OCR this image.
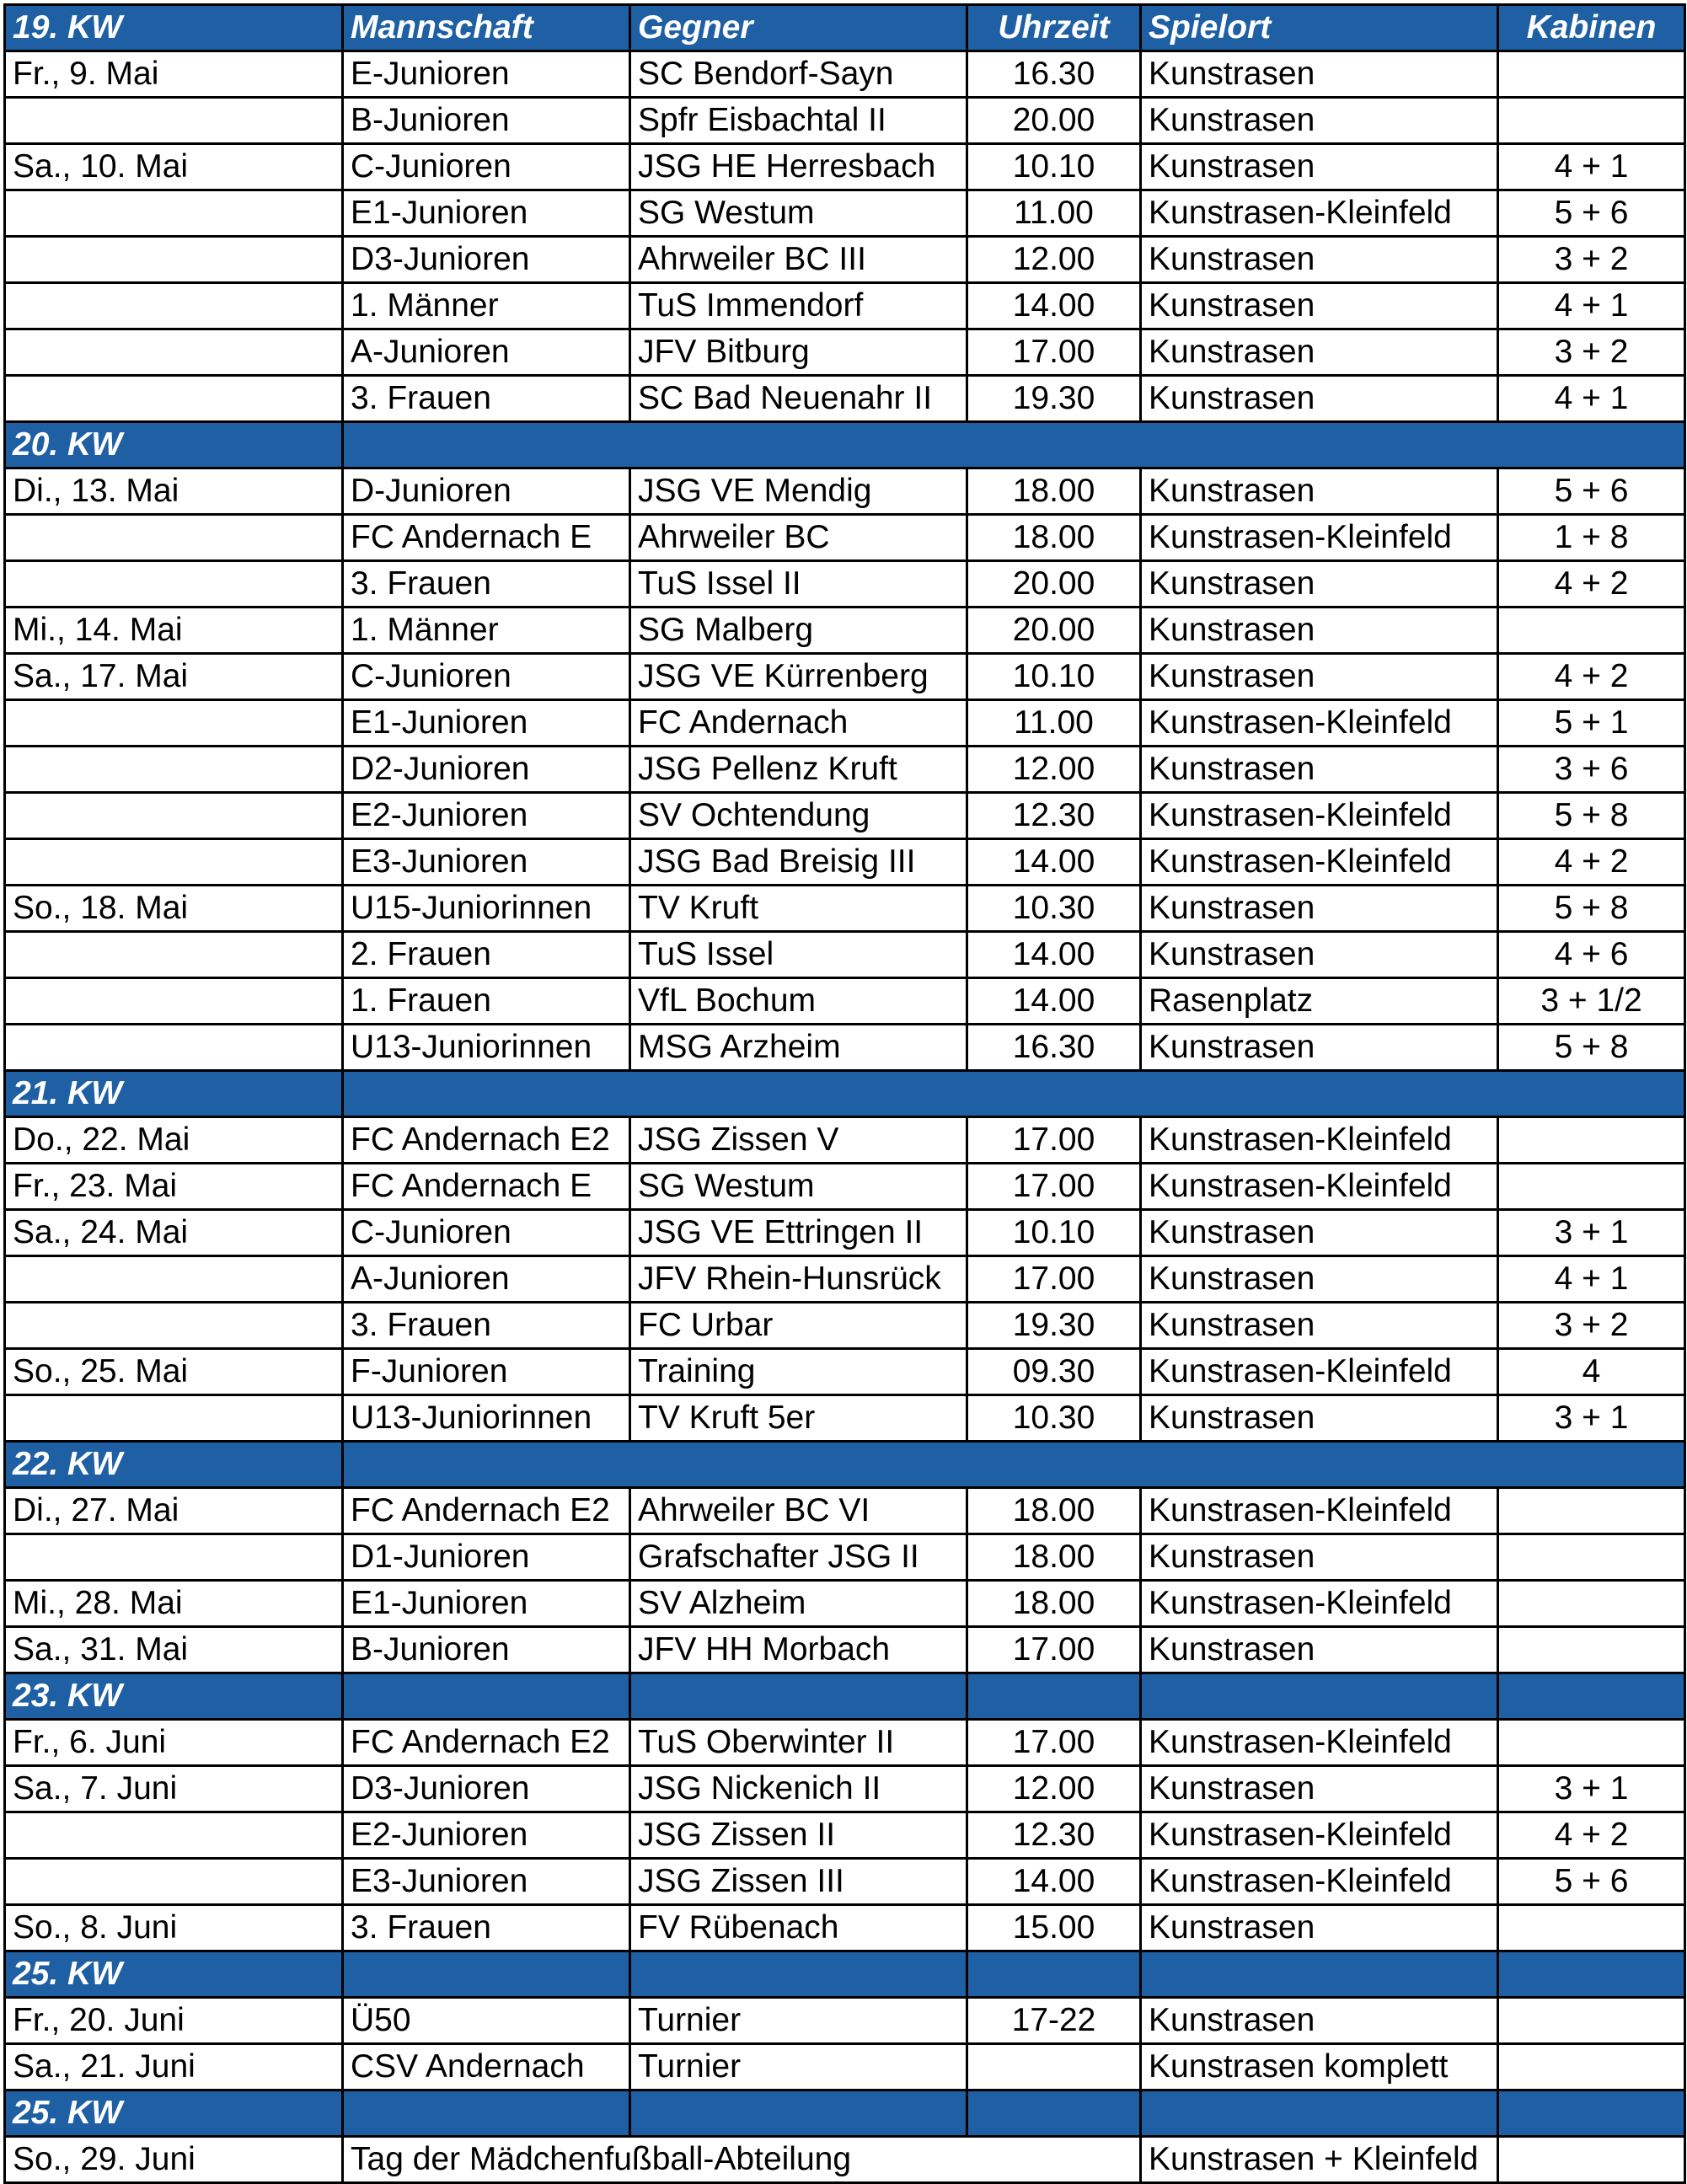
19. KW	Mannschaft	Gegner	Uhrzeit	Spielort	Kabinen
Fr., 9. Mai	E-Junioren	SC Bendorf-Sayn	16.30	Kunstrasen	
	B-Junioren	Spfr Eisbachtal II	20.00	Kunstrasen	
Sa., 10. Mai	C-Junioren	JSG HE Herresbach	10.10	Kunstrasen	4 + 1
	E1-Junioren	SG Westum	11.00	Kunstrasen-Kleinfeld	5 + 6
	D3-Junioren	Ahrweiler BC III	12.00	Kunstrasen	3 + 2
	1. Männer	TuS Immendorf	14.00	Kunstrasen	4 + 1
	A-Junioren	JFV Bitburg	17.00	Kunstrasen	3 + 2
	3. Frauen	SC Bad Neuenahr II	19.30	Kunstrasen	4 + 1
20. KW					
Di., 13. Mai	D-Junioren	JSG VE Mendig	18.00	Kunstrasen	5 + 6
	FC Andernach E	Ahrweiler BC	18.00	Kunstrasen-Kleinfeld	1 + 8
	3. Frauen	TuS Issel II	20.00	Kunstrasen	4 + 2
Mi., 14. Mai	1. Männer	SG Malberg	20.00	Kunstrasen	
Sa., 17. Mai	C-Junioren	JSG VE Kürrenberg	10.10	Kunstrasen	4 + 2
	E1-Junioren	FC Andernach	11.00	Kunstrasen-Kleinfeld	5 + 1
	D2-Junioren	JSG Pellenz Kruft	12.00	Kunstrasen	3 + 6
	E2-Junioren	SV Ochtendung	12.30	Kunstrasen-Kleinfeld	5 + 8
	E3-Junioren	JSG Bad Breisig III	14.00	Kunstrasen-Kleinfeld	4 + 2
So., 18. Mai	U15-Juniorinnen	TV Kruft	10.30	Kunstrasen	5 + 8
	2. Frauen	TuS Issel	14.00	Kunstrasen	4 + 6
	1. Frauen	VfL Bochum	14.00	Rasenplatz	3 + 1/2
	U13-Juniorinnen	MSG Arzheim	16.30	Kunstrasen	5 + 8
21. KW					
Do., 22. Mai	FC Andernach E2	JSG Zissen V	17.00	Kunstrasen-Kleinfeld	
Fr., 23. Mai	FC Andernach E	SG Westum	17.00	Kunstrasen-Kleinfeld	
Sa., 24. Mai	C-Junioren	JSG VE Ettringen II	10.10	Kunstrasen	3 + 1
	A-Junioren	JFV Rhein-Hunsrück	17.00	Kunstrasen	4 + 1
	3. Frauen	FC Urbar	19.30	Kunstrasen	3 + 2
So., 25. Mai	F-Junioren	Training	09.30	Kunstrasen-Kleinfeld	4
	U13-Juniorinnen	TV Kruft 5er	10.30	Kunstrasen	3 + 1
22. KW					
Di., 27. Mai	FC Andernach E2	Ahrweiler BC VI	18.00	Kunstrasen-Kleinfeld	
	D1-Junioren	Grafschafter JSG II	18.00	Kunstrasen	
Mi., 28. Mai	E1-Junioren	SV Alzheim	18.00	Kunstrasen-Kleinfeld	
Sa., 31. Mai	B-Junioren	JFV HH Morbach	17.00	Kunstrasen	
23. KW					
Fr., 6. Juni	FC Andernach E2	TuS Oberwinter II	17.00	Kunstrasen-Kleinfeld	
Sa., 7. Juni	D3-Junioren	JSG Nickenich II	12.00	Kunstrasen	3 + 1
	E2-Junioren	JSG Zissen II	12.30	Kunstrasen-Kleinfeld	4 + 2
	E3-Junioren	JSG Zissen III	14.00	Kunstrasen-Kleinfeld	5 + 6
So., 8. Juni	3. Frauen	FV Rübenach	15.00	Kunstrasen	
25. KW					
Fr., 20. Juni	Ü50	Turnier	17-22	Kunstrasen	
Sa., 21. Juni	CSV Andernach	Turnier		Kunstrasen komplett	
25. KW					
So., 29. Juni	Tag der Mädchenfußball-Abteilung			Kunstrasen + Kleinfeld	
